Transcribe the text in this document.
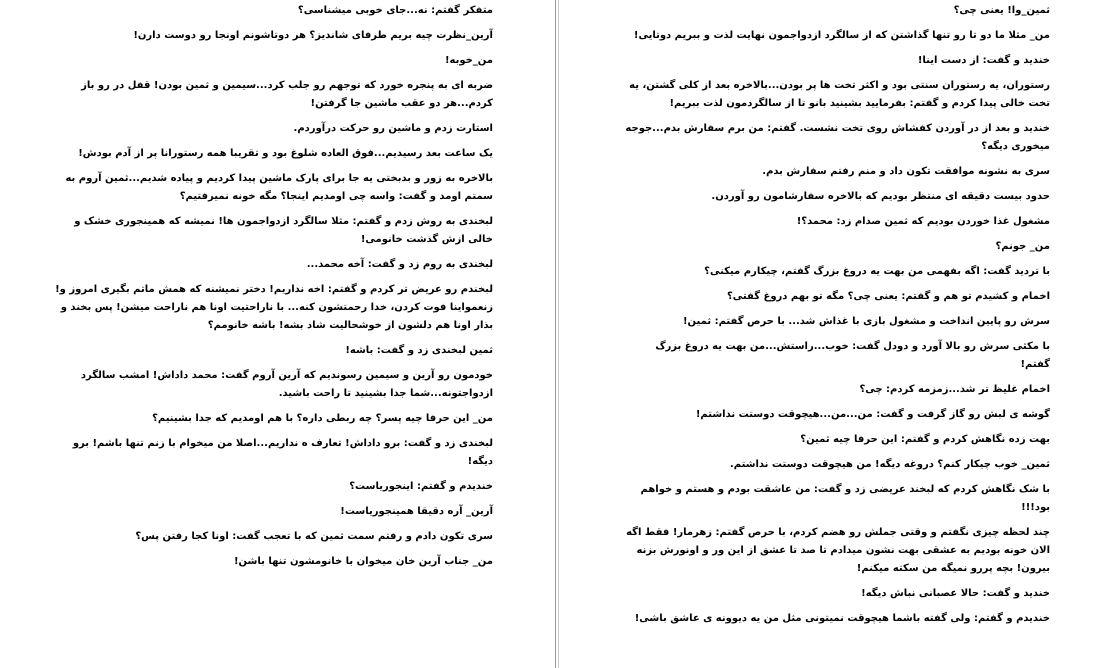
متفکر گفتم: نه...جای خوبی میشناسی؟

آرین_نظرت چیه بریم طرفای شاندیز؟ هر دوتاشونم اونجا رو دوست دارن!

من_خوبه!

ضربه ای به پنجره خورد که توجهم رو جلب کرد...سیمین و ثمین بودن! قفل در رو باز کردم...هر دو عقب ماشین جا گرفتن!

استارت زدم و ماشین رو حرکت درآوردم.

یک ساعت بعد رسیدیم...فوق العاده شلوغ بود و تقریبا همه رستورانا پر از آدم بودش!

بالاخره به زور و بدبختی یه جا برای پارک ماشین پیدا کردیم و پیاده شدیم...ثمین آروم به سمتم اومد و گفت: واسه چی اومدیم اینجا؟ مگه خونه نمیرفتیم؟

لبخندی به روش زدم و گفتم: مثلا سالگرد ازدواجمون ها! نمیشه که همینجوری خشک و خالی ازش گذشت خانومی!

لبخندی به روم زد و گفت: آخه محمد...

لبخندم رو عریض تر کردم و گفتم: اخه نداریم! دختر نمیشنه که همش ماتم بگیری امروز و! زنعمواینا فوت کردن، خدا رحمتشون کنه... با ناراحتیت اونا هم ناراحت میشن! پس بخند و بذار اونا هم دلشون از خوشحالیت شاد بشه! باشه خانومم؟

ثمین لبخندی زد و گفت: باشه!

خودمون رو آرین و سیمین رسوندیم که آرین آروم گفت: محمد داداش! امشب سالگرد ازدواجتونه...شما جدا بشینید تا راحت باشید.

من_ این حرفا چیه پسر؟ چه ربطی داره؟ با هم اومدیم که جدا بشینیم؟

لبخندی زد و گفت: برو داداش! تعارف ه نداریم...اصلا من میخوام با زنم تنها باشم! برو دیگه!

خندیدم و گفتم: اینجوریاست؟

آرین_ آره دقیقا همینجوریاست!

سری تکون دادم و رفتم سمت ثمین که با تعجب گفت: اونا کجا رفتن پس؟

من_ جناب آرین خان میخوان با خانومشون تنها باشن!

ثمین_وا! یعنی چی؟

من_ مثلا ما دو تا رو تنها گذاشتن که از سالگرد ازدواجمون نهایت لذت و ببریم دوتایی!

خندید و گفت: از دست اینا!

رستوران، یه رستوران سنتی بود و اکثر تخت ها پر بودن...بالاخره بعد از کلی گشتن، یه تخت خالی پیدا کردم و گفتم: بفرمایید بشینید بانو تا از سالگردمون لذت ببریم!

خندید و بعد از در آوردن کفشاش روی تخت نشست. گفتم: من برم سفارش بدم...جوجه میخوری دیگه؟

سری به نشونه موافقت تکون داد و منم رفتم سفارش بدم.

حدود بیست دقیقه ای منتظر بودیم که بالاخره سفارشامون رو آوردن.

مشغول غذا خوردن بودیم که ثمین صدام زد: محمد؟!

من_ جونم؟

با تردید گفت: اگه بفهمی من بهت یه دروغ بزرگ گفتم، چیکارم میکنی؟

اخمام و کشیدم تو هم و گفتم: یعنی چی؟ مگه تو بهم دروغ گفتی؟

سرش رو پایین انداخت و مشغول بازی با غذاش شد... با حرص گفتم: ثمین!

با مکثی سرش رو بالا آورد و دودل گفت: خوب...راستش...من بهت یه دروغ بزرگ گفتم!

اخمام غلیظ تر شد...زمزمه کردم: چی؟

گوشه ی لبش رو گاز گرفت و گفت: من...من...هیچوقت دوستت نداشتم!

بهت زده نگاهش کردم و گفتم: این حرفا چیه ثمین؟

ثمین_ خوب چیکار کنم؟ دروغه دیگه! من هیچوقت دوستت نداشتم.

با شک نگاهش کردم که لبخند عریضی زد و گفت: من عاشقت بودم و هستم و خواهم بود!!!

چند لحظه چیزی نگفتم و وقتی جملش رو هضم کردم، با حرص گفتم: زهرمار! فقط اگه الان خونه بودیم به عشقی بهت نشون میدادم تا صد تا عشق از این ور و اونورش بزنه بیرون! بچه پررو نمیگه من سکته میکنم!

خندید و گفت: حالا عصبانی نباش دیگه!

خندیدم و گفتم: ولی گفته باشما هیچوقت نمیتونی مثل من یه دیوونه ی عاشق باشی!
